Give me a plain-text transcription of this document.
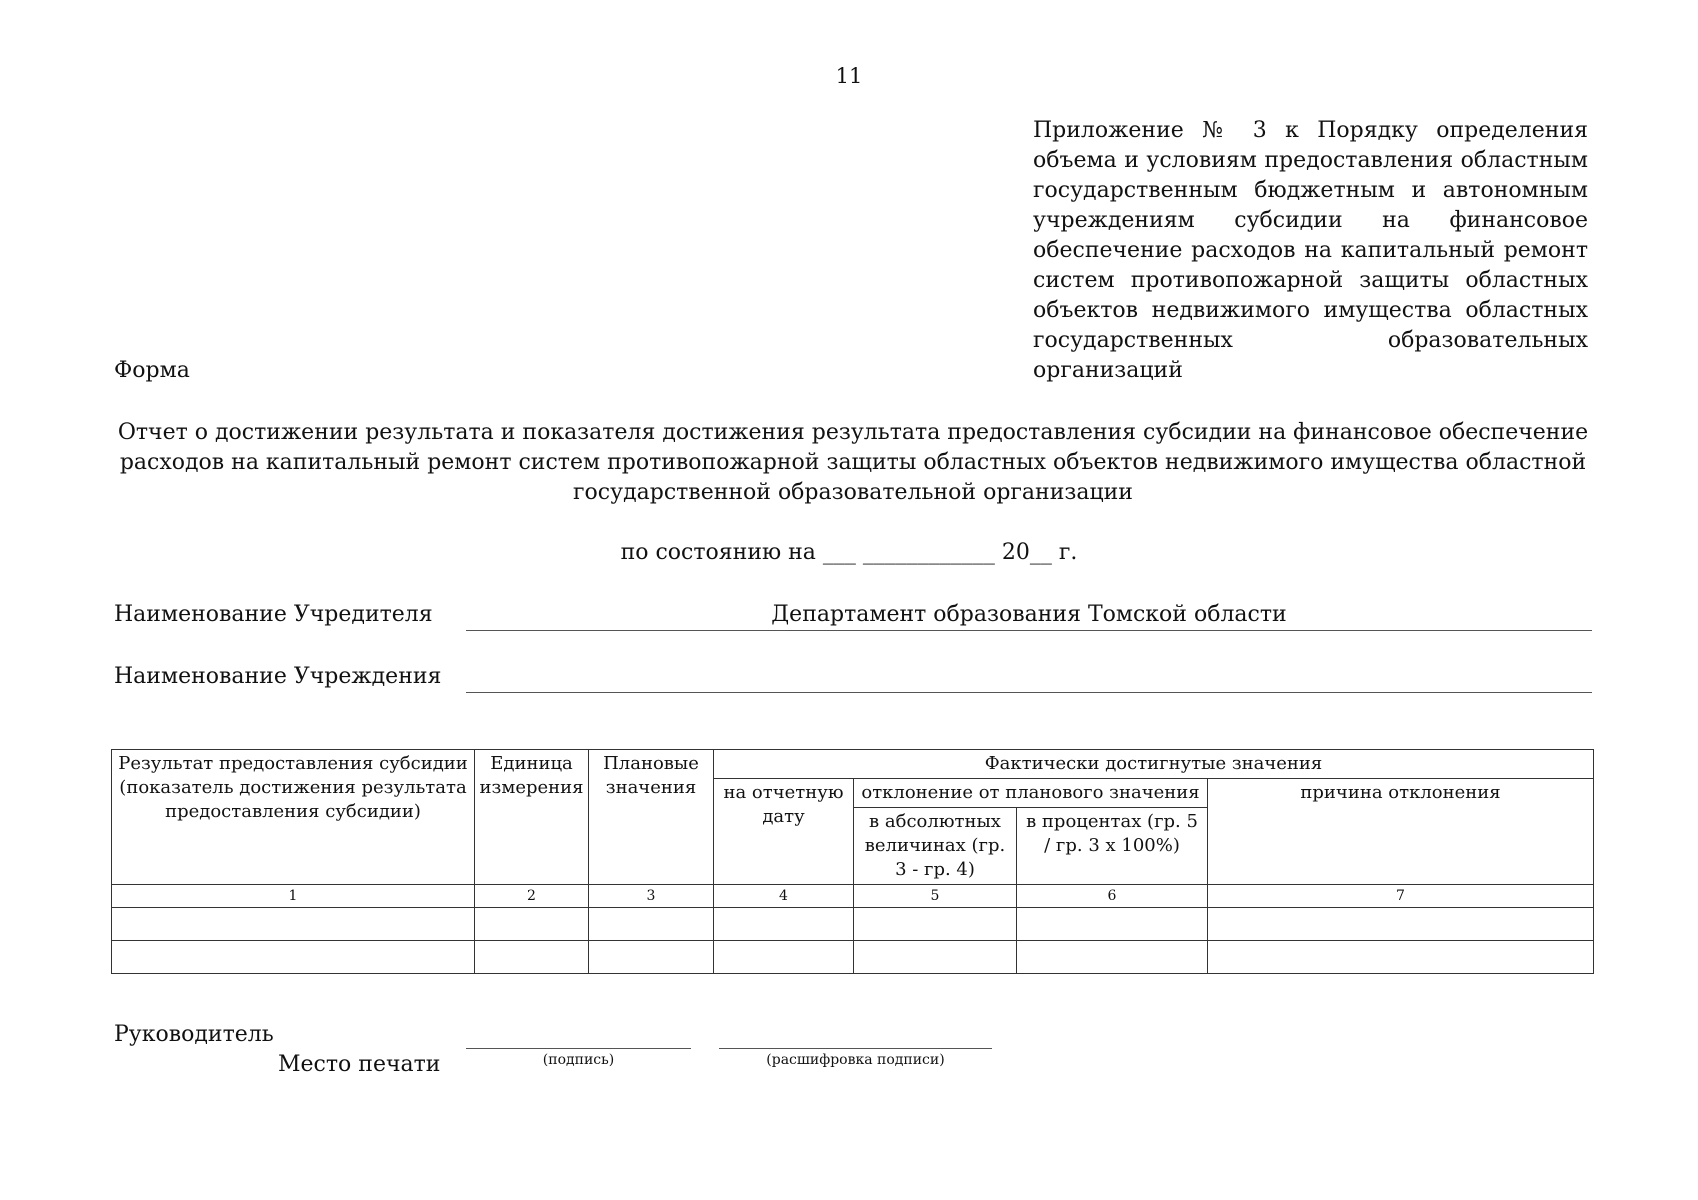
11
Приложение № 3 к Порядку определения объема и условиям предоставления областным государственным бюджетным и автономным учреждениям субсидии на финансовое обеспечение расходов на капитальный ремонт систем противопожарной защиты областных объектов недвижимого имущества областных государственных образовательных организаций
Форма
Отчет о достижении результата и показателя достижения результата предоставления субсидии на финансовое обеспечение расходов на капитальный ремонт систем противопожарной защиты областных объектов недвижимого имущества областной государственной образовательной организации
по состоянию на ___ ____________ 20__ г.
Наименование Учредителя	Департамент образования Томской области
Наименование Учреждения
Результат предоставления субсидии (показатель достижения результата предоставления субсидии)	Единица измерения	Плановые значения	Фактически достигнутые значения			
			на отчетную дату	отклонение от планового значения		причина отклонения
				в абсолютных величинах (гр. 3 - гр. 4)	в процентах (гр. 5 / гр. 3 x 100%)	
1	2	3	4	5	6	7

Руководитель
Место печати	(подпись)	(расшифровка подписи)
